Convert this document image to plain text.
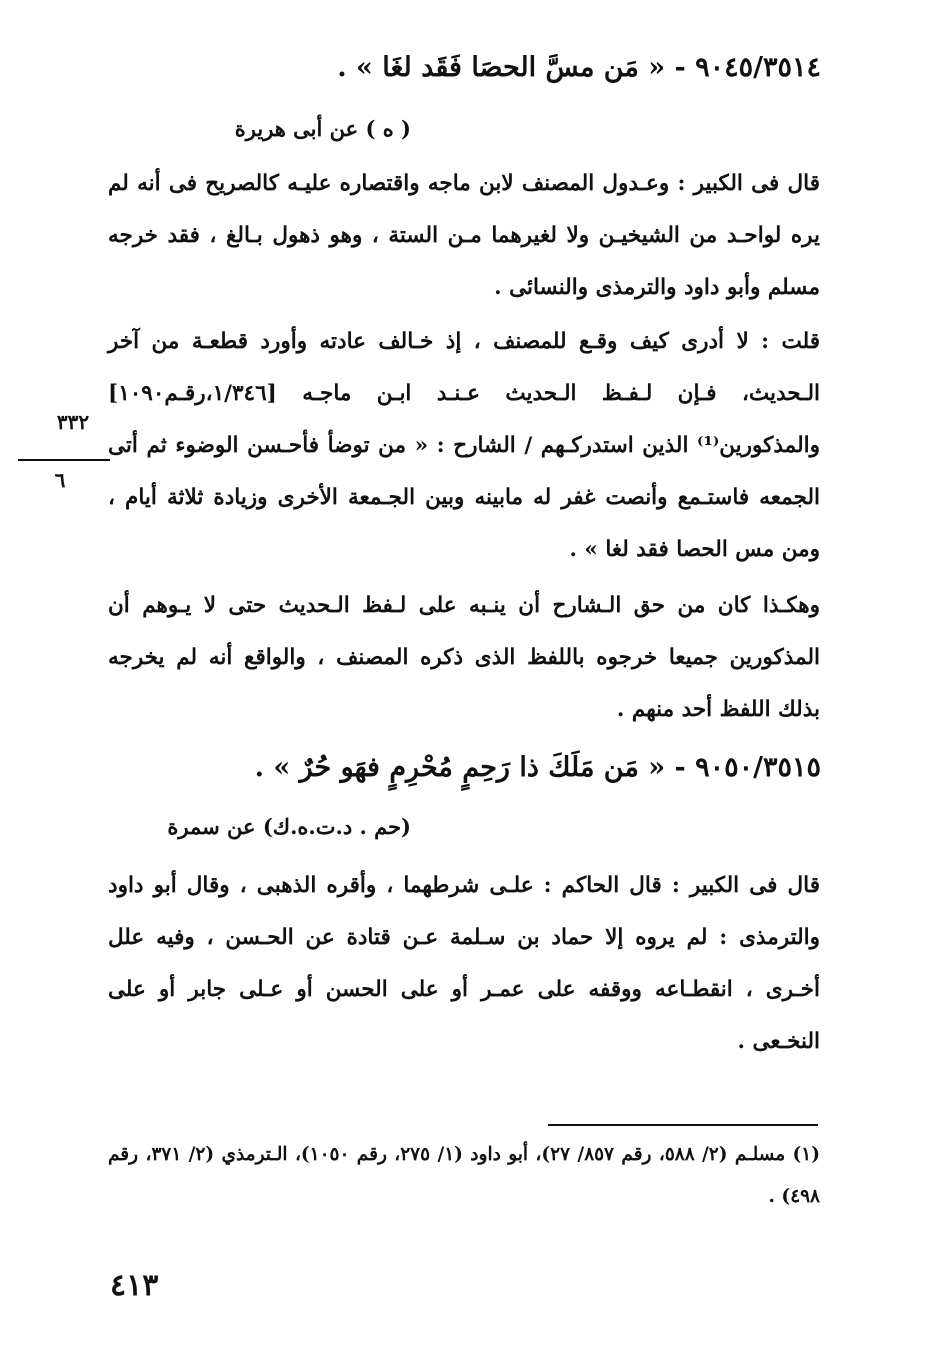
٩٠٤٥/٣٥١٤ - « مَن مسَّ الحصَا فَقَد لغَا » .
( ه ) عن أبى هريرة

قال فى الكبير : وعـدول المصنف لابن ماجه واقتصاره عليـه كالصريح فى أنه لم يره لواحـد من الشيخيـن ولا لغيرهما مـن الستة ، وهو ذهول بـالغ ، فقد خرجه مسلم وأبو داود والترمذى والنسائى .

قلت : لا أدرى كيف وقـع للمصنف ، إذ خـالف عادته وأورد قطعـة من آخر الـحديث، فـإن لـفـظ الـحديث عـنـد ابـن ماجـه [١/٣٤٦،رقـم١٠٩٠] والمذكورين⁽¹⁾ الذين استدركـهم / الشارح : « من توضأ فأحـسن الوضوء ثم أتى الجمعه فاستـمع وأنصت غفر له مابينه وبين الجـمعة الأخرى وزيادة ثلاثة أيام ، ومن مس الحصا فقد لغا » .

وهكـذا كان من حق الـشارح أن ينـبه على لـفظ الـحديث حتى لا يـوهم أن المذكورين جميعا خرجوه باللفظ الذى ذكره المصنف ، والواقع أنه لم يخرجه بذلك اللفظ أحد منهم .

٣٣٢
٦
٩٠٥٠/٣٥١٥ - « مَن مَلَكَ ذا رَحِمٍ مُحْرِمٍ فهَو حُرٌ » .
(حم . د.ت.ه.ك) عن سمرة

قال فى الكبير : قال الحاكم : علـى شرطهما ، وأقره الذهبى ، وقال أبو داود والترمذى : لم يروه إلا حماد بن سـلمة عـن قتادة عن الحـسن ، وفيه علل أخـرى ، انقطـاعه ووقفه على عمـر أو على الحسن أو عـلى جابر أو على النخـعى .

(١) مسلـم (٢/ ٥٨٨، رقم ٨٥٧/ ٢٧)، أبو داود (١/ ٢٧٥، رقم ١٠٥٠)، الـترمذي (٢/ ٣٧١، رقم ٤٩٨) .
٤١٣
